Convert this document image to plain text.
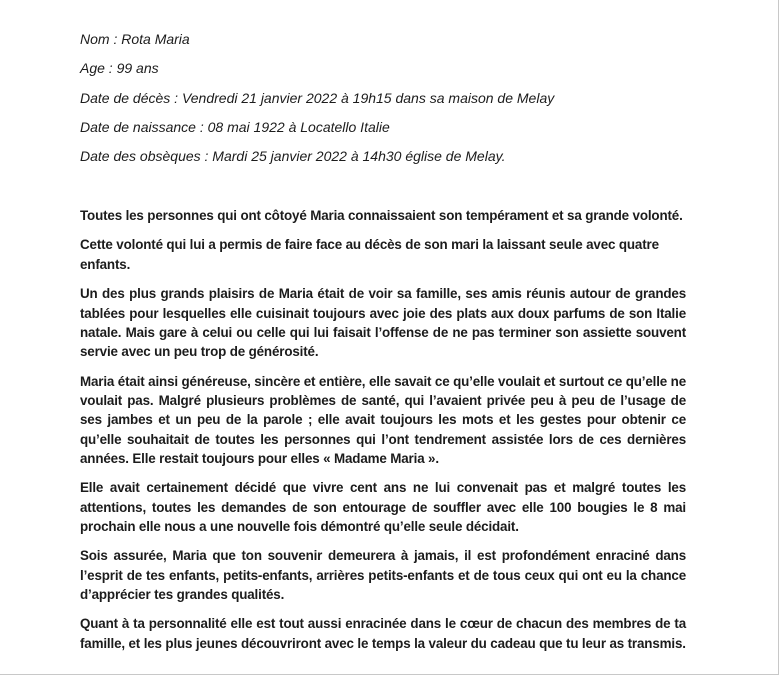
Nom : Rota Maria
Age : 99 ans
Date de décès : Vendredi 21 janvier 2022 à 19h15 dans sa maison de Melay
Date de naissance : 08 mai 1922 à Locatello Italie
Date des obsèques : Mardi 25 janvier 2022 à 14h30 église de Melay.

Toutes les personnes qui ont côtoyé Maria connaissaient son tempérament et sa grande volonté.

Cette volonté qui lui a permis de faire face au décès de son mari la laissant seule avec quatre enfants.

Un des plus grands plaisirs de Maria était de voir sa famille, ses amis réunis autour de grandes tablées pour lesquelles elle cuisinait toujours avec joie des plats aux doux parfums de son Italie natale. Mais gare à celui ou celle qui lui faisait l’offense de ne pas terminer son assiette souvent servie avec un peu trop de générosité.

Maria était ainsi généreuse, sincère et entière, elle savait ce qu’elle voulait et surtout ce qu’elle ne voulait pas. Malgré plusieurs problèmes de santé, qui l’avaient privée peu à peu de l’usage de ses jambes et un peu de la parole ; elle avait toujours les mots et les gestes pour obtenir ce qu’elle souhaitait de toutes les personnes qui l’ont tendrement assistée lors de ces dernières années. Elle restait toujours pour elles « Madame Maria ».

Elle avait certainement décidé que vivre cent ans ne lui convenait pas et malgré toutes les attentions, toutes les demandes de son entourage de souffler avec elle 100 bougies le 8 mai prochain elle nous a une nouvelle fois démontré qu’elle seule décidait.

Sois assurée, Maria que ton souvenir demeurera à jamais, il est profondément enraciné dans l’esprit de tes enfants, petits-enfants, arrières petits-enfants et de tous ceux qui ont eu la chance d’apprécier tes grandes qualités.

Quant à ta personnalité elle est tout aussi enracinée dans le cœur de chacun des membres de ta famille, et les plus jeunes découvriront avec le temps la valeur du cadeau que tu leur as transmis.
